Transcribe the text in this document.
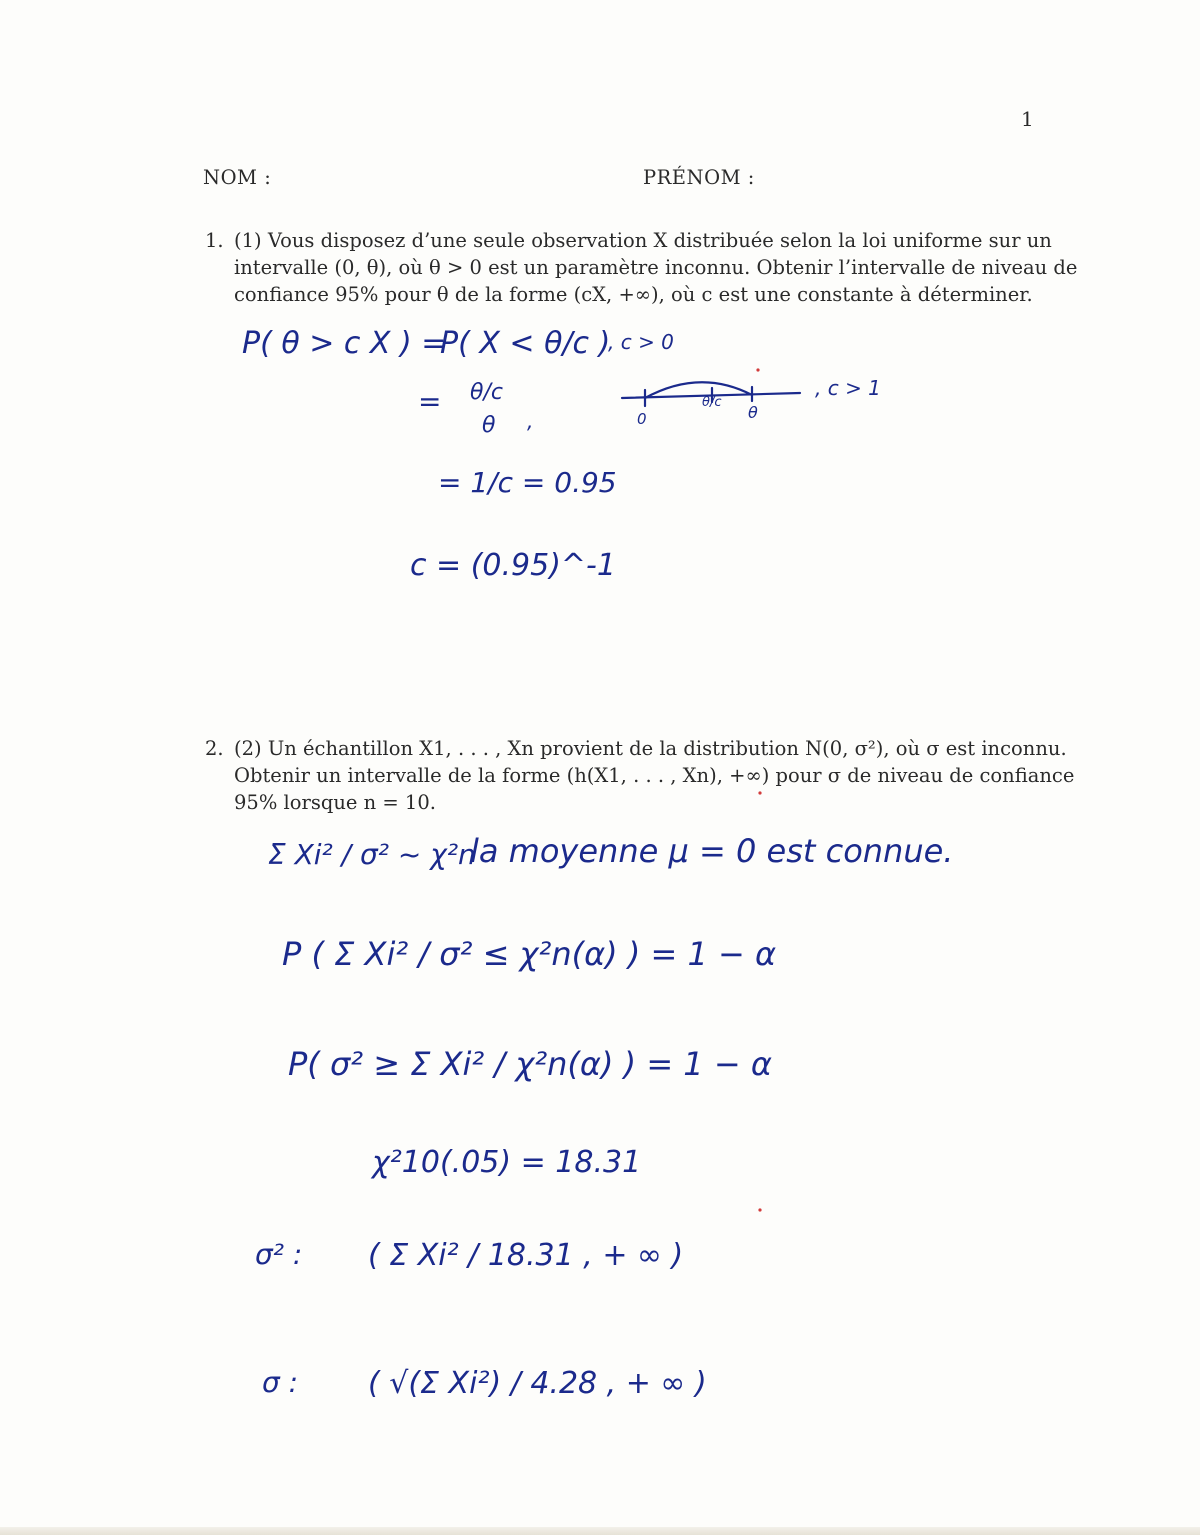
1
NOM :	PRÉNOM :
1. (1) Vous disposez d’une seule observation X distribuée selon la loi uniforme sur un
intervalle (0, θ), où θ > 0 est un paramètre inconnu. Obtenir l’intervalle de niveau de
confiance 95% pour θ de la forme (cX, +∞), où c est une constante à déterminer.
P( θ > c X ) =
P( X < θ/c )
, c > 0
= θ/c
θ ,	0
θ/c
θ
, c > 1
= 1/c = 0.95
c = (0.95)^-1
2. (2) Un échantillon X1, . . . , Xn provient de la distribution N(0, σ²), où σ est inconnu.
Obtenir un intervalle de la forme (h(X1, . . . , Xn), +∞) pour σ de niveau de confiance
95% lorsque n = 10.
Σ Xi² / σ² ~ χ²n
la moyenne μ = 0 est connue.
P ( Σ Xi² / σ² ≤ χ²n(α) ) = 1 − α
P( σ² ≥ Σ Xi² / χ²n(α) ) = 1 − α
χ²10(.05) = 18.31
σ² : ( Σ Xi² / 18.31 , + ∞ )
σ : ( √(Σ Xi²) / 4.28 , + ∞ )
